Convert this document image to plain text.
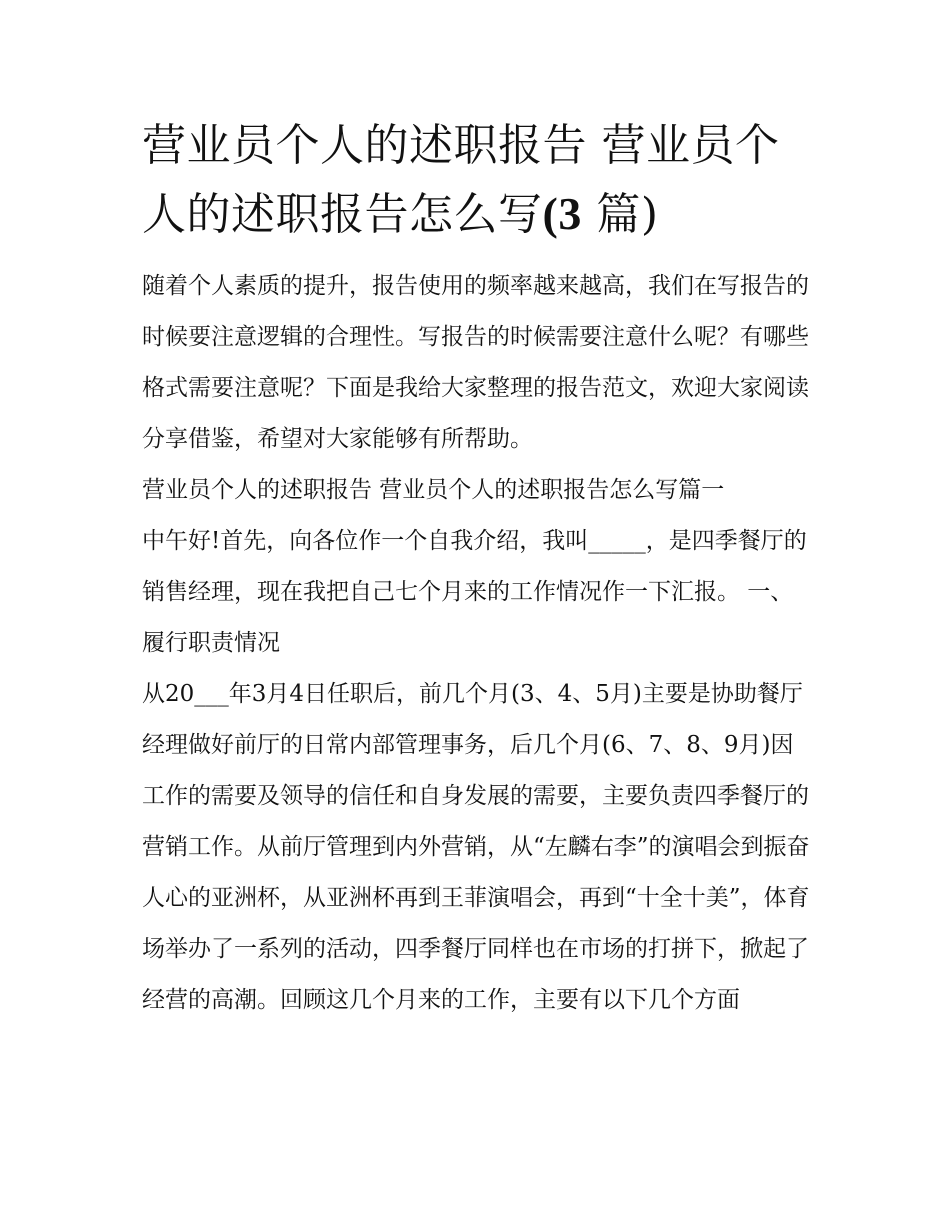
营业员个人的述职报告 营业员个人的述职报告怎么写(3 篇)

随着个人素质的提升，报告使用的频率越来越高，我们在写报告的时候要注意逻辑的合理性。写报告的时候需要注意什么呢？有哪些格式需要注意呢？下面是我给大家整理的报告范文，欢迎大家阅读分享借鉴，希望对大家能够有所帮助。

营业员个人的述职报告 营业员个人的述职报告怎么写篇一

中午好!首先，向各位作一个自我介绍，我叫_____，是四季餐厅的销售经理，现在我把自己七个月来的工作情况作一下汇报。 一、履行职责情况

从20___年3月4日任职后，前几个月(3、4、5月)主要是协助餐厅经理做好前厅的日常内部管理事务，后几个月(6、7、8、9月)因工作的需要及领导的信任和自身发展的需要，主要负责四季餐厅的营销工作。从前厅管理到内外营销，从“左麟右李”的演唱会到振奋人心的亚洲杯，从亚洲杯再到王菲演唱会，再到“十全十美”，体育场举办了一系列的活动，四季餐厅同样也在市场的打拼下，掀起了经营的高潮。回顾这几个月来的工作，主要有以下几个方面
